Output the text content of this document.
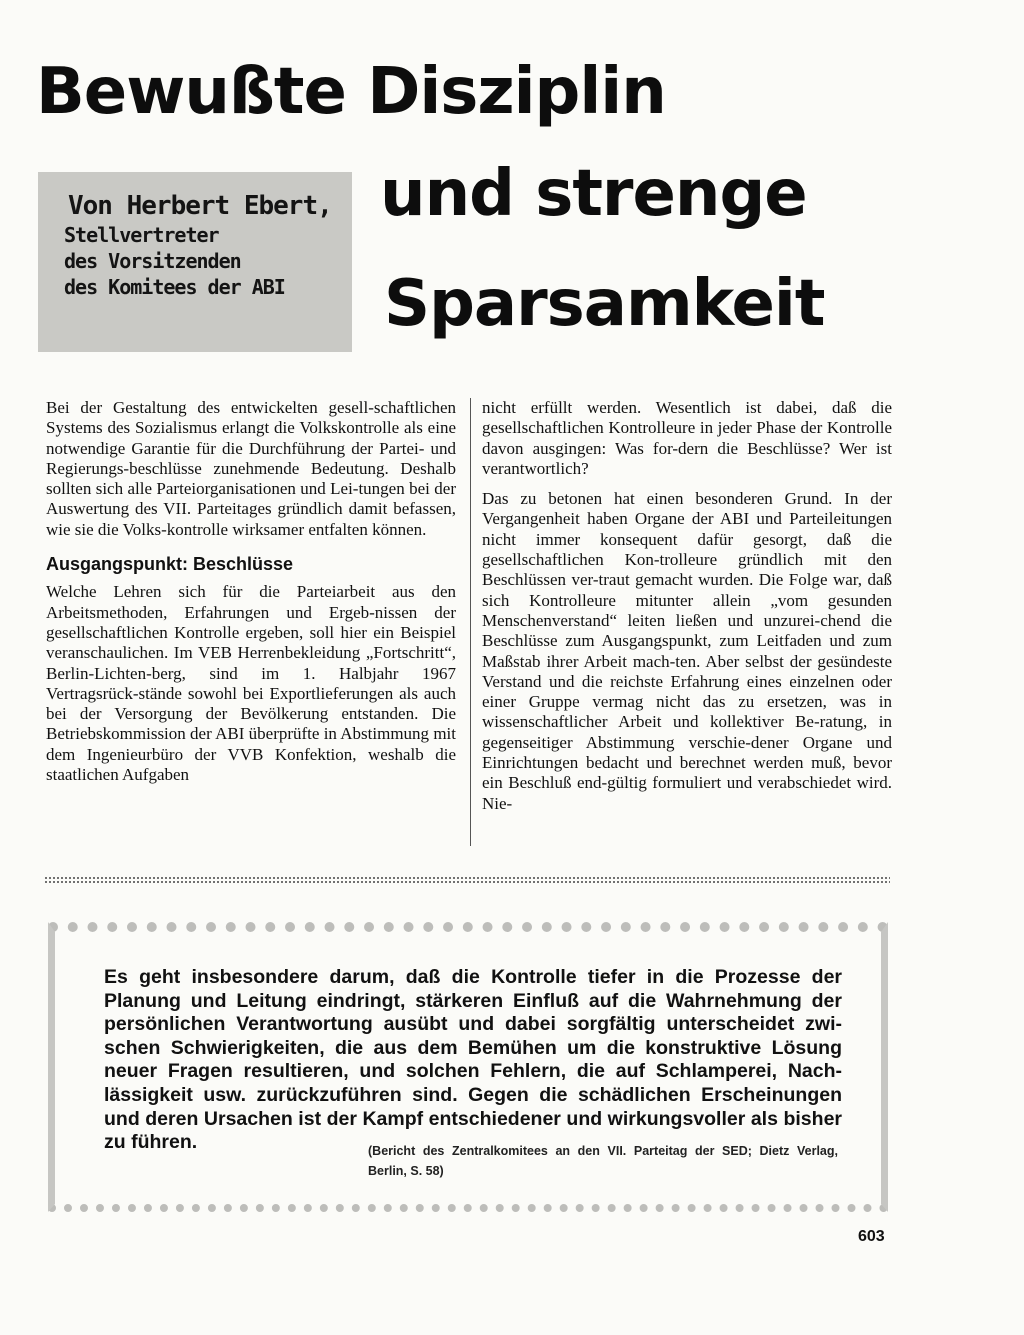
Bewußte Disziplin
und strenge
Sparsamkeit
Von Herbert Ebert,
Stellvertreter
des Vorsitzenden
des Komitees der ABI

Bei der Gestaltung des entwickelten gesell-schaftlichen Systems des Sozialismus erlangt die Volkskontrolle als eine notwendige Garantie für die Durchführung der Partei- und Regierungs-beschlüsse zunehmende Bedeutung. Deshalb sollten sich alle Parteiorganisationen und Lei-tungen bei der Auswertung des VII. Parteitages gründlich damit befassen, wie sie die Volks-kontrolle wirksamer entfalten können.

Ausgangspunkt: Beschlüsse

Welche Lehren sich für die Parteiarbeit aus den Arbeitsmethoden, Erfahrungen und Ergeb-nissen der gesellschaftlichen Kontrolle ergeben, soll hier ein Beispiel veranschaulichen. Im VEB Herrenbekleidung „Fortschritt“, Berlin-Lichten-berg, sind im 1. Halbjahr 1967 Vertragsrück-stände sowohl bei Exportlieferungen als auch bei der Versorgung der Bevölkerung entstanden. Die Betriebskommission der ABI überprüfte in Abstimmung mit dem Ingenieurbüro der VVB Konfektion, weshalb die staatlichen Aufgaben

nicht erfüllt werden. Wesentlich ist dabei, daß die gesellschaftlichen Kontrolleure in jeder Phase der Kontrolle davon ausgingen: Was for-dern die Beschlüsse? Wer ist verantwortlich?

Das zu betonen hat einen besonderen Grund. In der Vergangenheit haben Organe der ABI und Parteileitungen nicht immer konsequent dafür gesorgt, daß die gesellschaftlichen Kon-trolleure gründlich mit den Beschlüssen ver-traut gemacht wurden. Die Folge war, daß sich Kontrolleure mitunter allein „vom gesunden Menschenverstand“ leiten ließen und unzurei-chend die Beschlüsse zum Ausgangspunkt, zum Leitfaden und zum Maßstab ihrer Arbeit mach-ten. Aber selbst der gesündeste Verstand und die reichste Erfahrung eines einzelnen oder einer Gruppe vermag nicht das zu ersetzen, was in wissenschaftlicher Arbeit und kollektiver Be-ratung, in gegenseitiger Abstimmung verschie-dener Organe und Einrichtungen bedacht und berechnet werden muß, bevor ein Beschluß end-gültig formuliert und verabschiedet wird. Nie-

Es geht insbesondere darum, daß die Kontrolle tiefer in die Prozesse der Planung und Leitung eindringt, stärkeren Einfluß auf die Wahrnehmung der persönlichen Verantwortung ausübt und dabei sorgfältig unterscheidet zwi-schen Schwierigkeiten, die aus dem Bemühen um die konstruktive Lösung neuer Fragen resultieren, und solchen Fehlern, die auf Schlamperei, Nach-lässigkeit usw. zurückzuführen sind. Gegen die schädlichen Erscheinungen und deren Ursachen ist der Kampf entschiedener und wirkungsvoller als bisher zu führen.	(Bericht des Zentralkomitees an den VII. Parteitag der SED; Dietz Verlag, Berlin, S. 58)

603
